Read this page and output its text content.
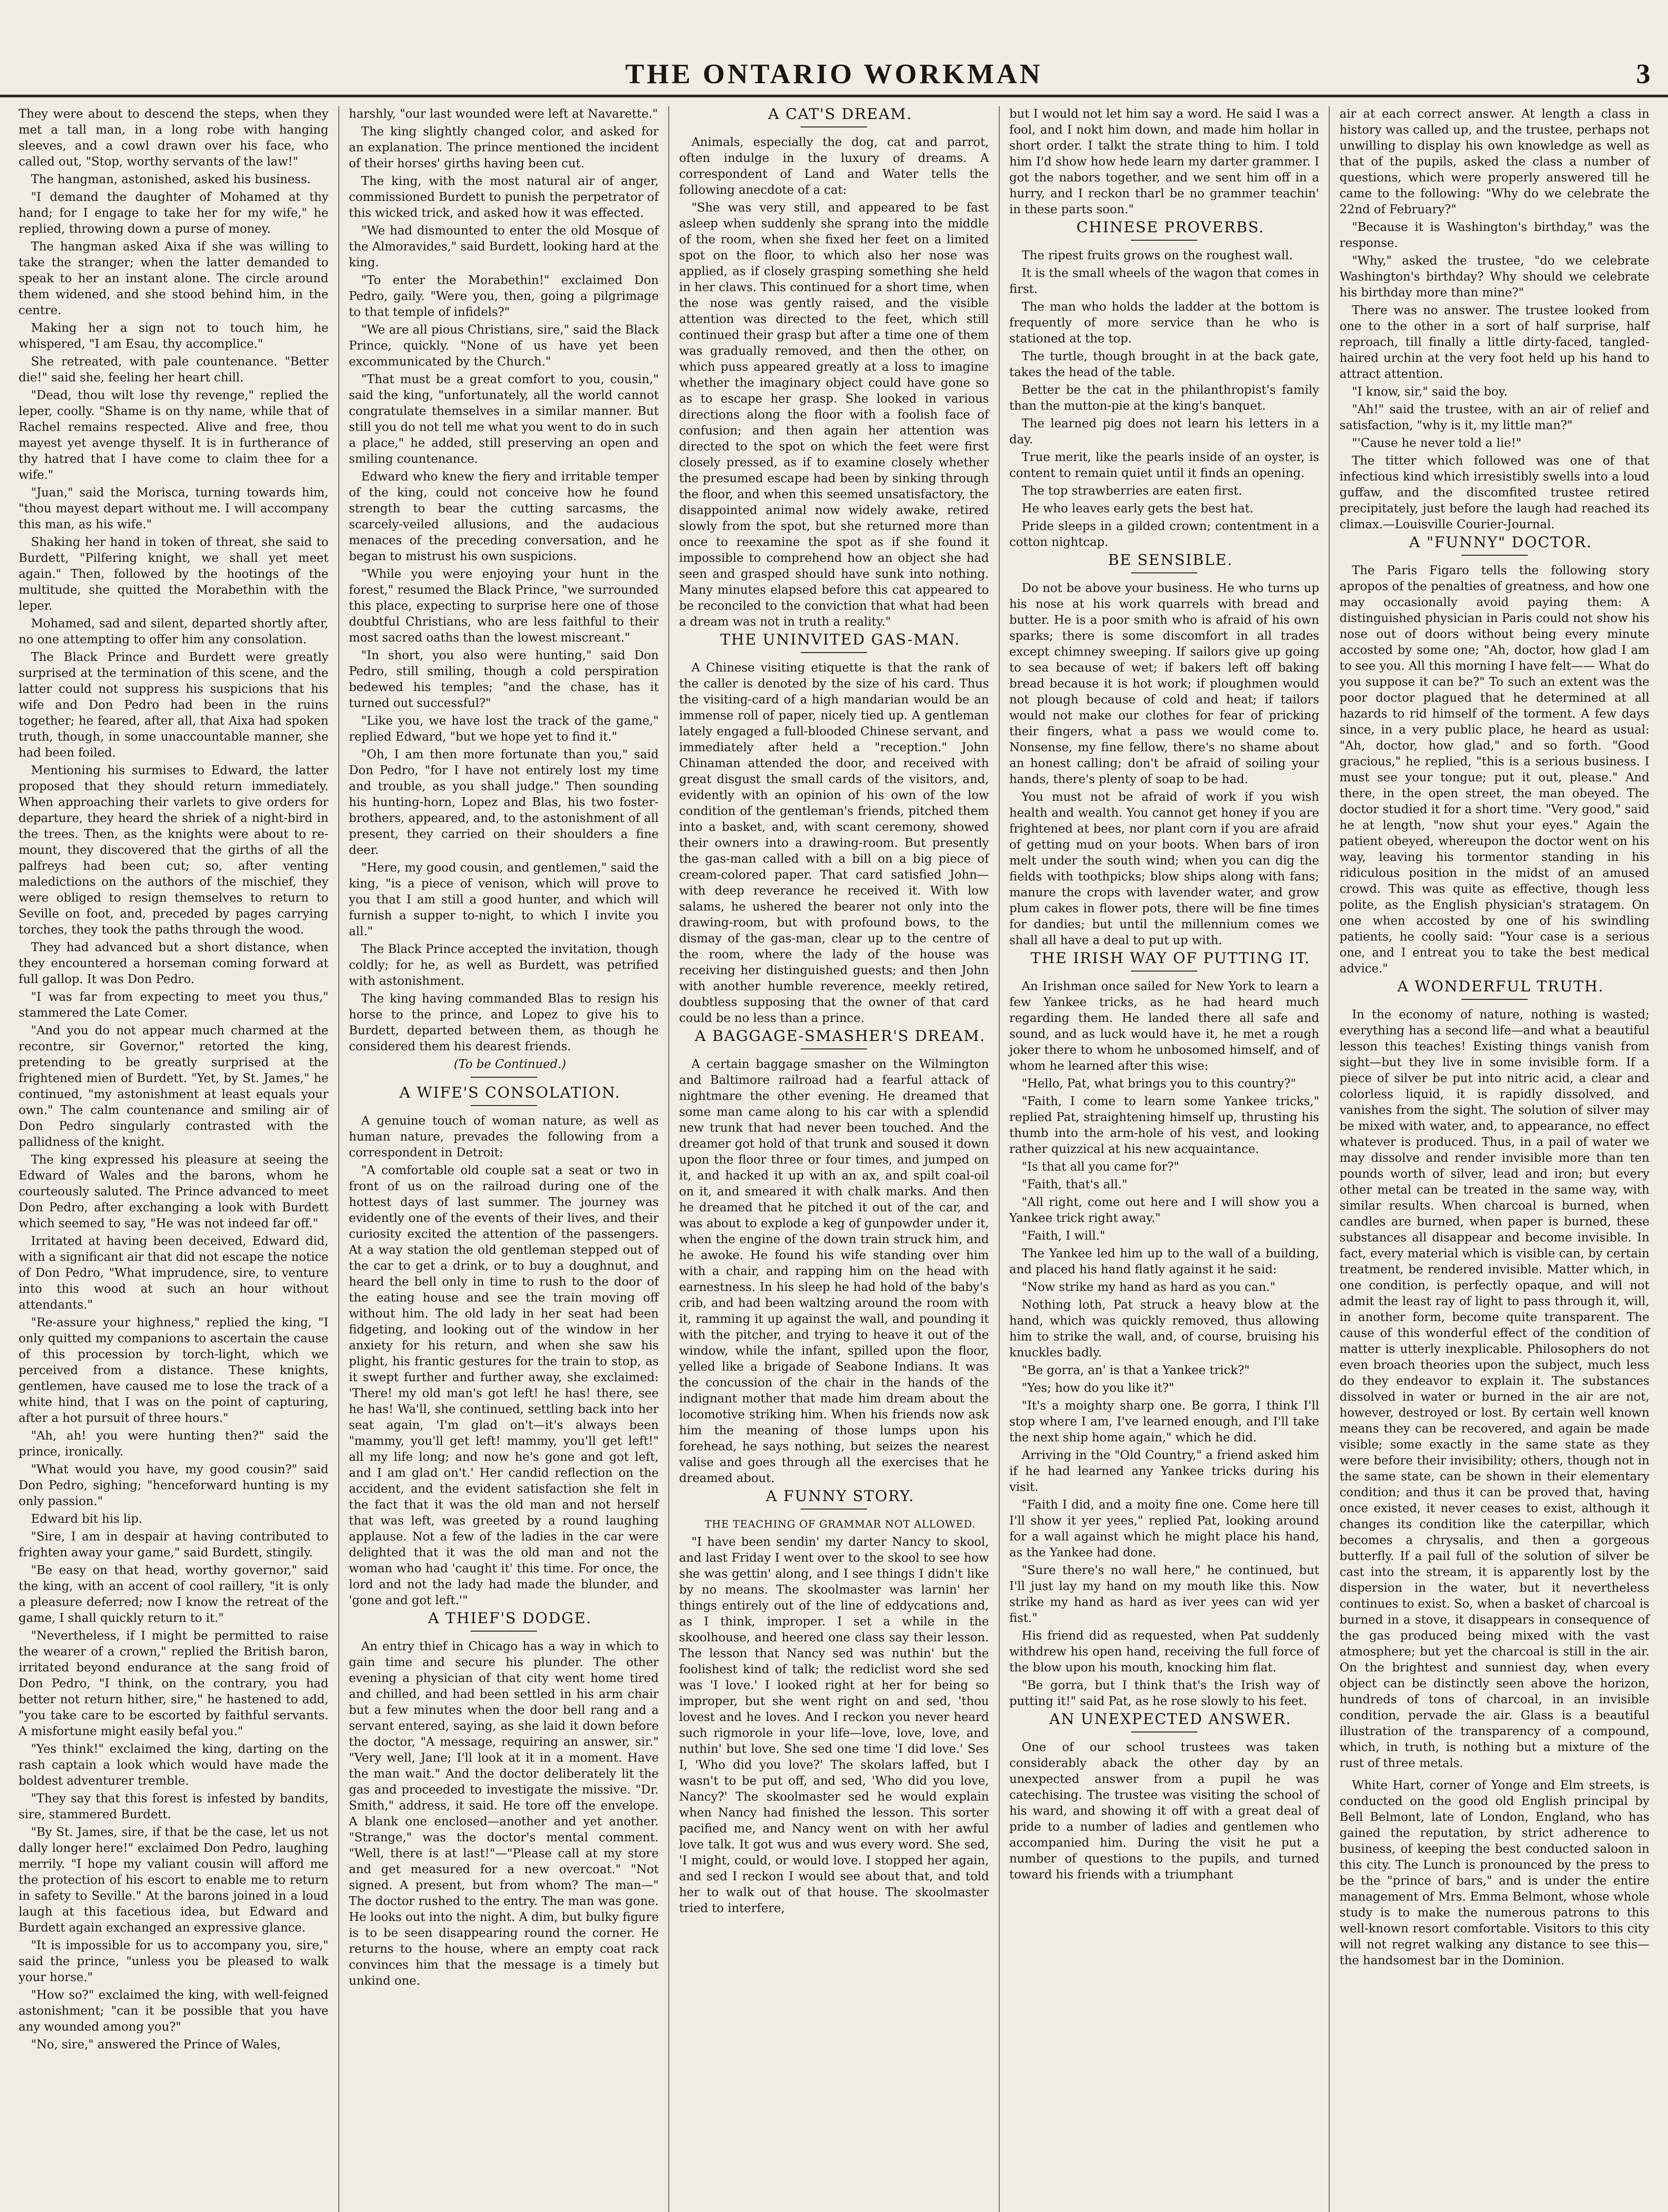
THE ONTARIO WORKMAN	3

They were about to descend the steps, when they met a tall man, in a long robe with hanging sleeves, and a cowl drawn over his face, who called out, "Stop, worthy servants of the law!"

The hangman, astonished, asked his business.

"I demand the daughter of Mohamed at thy hand; for I engage to take her for my wife," he replied, throwing down a purse of money.

The hangman asked Aixa if she was willing to take the stranger; when the latter demanded to speak to her an instant alone. The circle around them widened, and she stood behind him, in the centre.

Making her a sign not to touch him, he whispered, "I am Esau, thy accomplice."

She retreated, with pale countenance. "Better die!" said she, feeling her heart chill.

"Dead, thou wilt lose thy revenge," replied the leper, coolly. "Shame is on thy name, while that of Rachel remains respected. Alive and free, thou mayest yet avenge thyself. It is in furtherance of thy hatred that I have come to claim thee for a wife."

"Juan," said the Morisca, turning towards him, "thou mayest depart without me. I will accompany this man, as his wife."

Shaking her hand in token of threat, she said to Burdett, "Pilfering knight, we shall yet meet again." Then, followed by the hootings of the multitude, she quitted the Morabethin with the leper.

Mohamed, sad and silent, departed shortly after, no one attempting to offer him any consolation.

The Black Prince and Burdett were greatly surprised at the termination of this scene, and the latter could not suppress his suspicions that his wife and Don Pedro had been in the ruins together; he feared, after all, that Aixa had spoken truth, though, in some unaccountable manner, she had been foiled.

Mentioning his surmises to Edward, the latter proposed that they should return immediately. When approaching their varlets to give orders for departure, they heard the shriek of a night-bird in the trees. Then, as the knights were about to re-mount, they discovered that the girths of all the palfreys had been cut; so, after venting maledictions on the authors of the mischief, they were obliged to resign themselves to return to Seville on foot, and, preceded by pages carrying torches, they took the paths through the wood.

They had advanced but a short distance, when they encountered a horseman coming forward at full gallop. It was Don Pedro.

"I was far from expecting to meet you thus," stammered the Late Comer.

"And you do not appear much charmed at the recontre, sir Governor," retorted the king, pretending to be greatly surprised at the frightened mien of Burdett. "Yet, by St. James," he continued, "my astonishment at least equals your own." The calm countenance and smiling air of Don Pedro singularly contrasted with the pallidness of the knight.

The king expressed his pleasure at seeing the Edward of Wales and the barons, whom he courteously saluted. The Prince advanced to meet Don Pedro, after exchanging a look with Burdett which seemed to say, "He was not indeed far off."

Irritated at having been deceived, Edward did, with a significant air that did not escape the notice of Don Pedro, "What imprudence, sire, to venture into this wood at such an hour without attendants."

"Re-assure your highness," replied the king, "I only quitted my companions to ascertain the cause of this procession by torch-light, which we perceived from a distance. These knights, gentlemen, have caused me to lose the track of a white hind, that I was on the point of capturing, after a hot pursuit of three hours."

"Ah, ah! you were hunting then?" said the prince, ironically.

"What would you have, my good cousin?" said Don Pedro, sighing; "henceforward hunting is my only passion."

Edward bit his lip.

"Sire, I am in despair at having contributed to frighten away your game," said Burdett, stingily.

"Be easy on that head, worthy governor," said the king, with an accent of cool raillery, "it is only a pleasure deferred; now I know the retreat of the game, I shall quickly return to it."

"Nevertheless, if I might be permitted to raise the wearer of a crown," replied the British baron, irritated beyond endurance at the sang froid of Don Pedro, "I think, on the contrary, you had better not return hither, sire," he hastened to add, "you take care to be escorted by faithful servants. A misfortune might easily befal you."

"Yes think!" exclaimed the king, darting on the rash captain a look which would have made the boldest adventurer tremble.

"They say that this forest is infested by bandits, sire, stammered Burdett.

"By St. James, sire, if that be the case, let us not dally longer here!" exclaimed Don Pedro, laughing merrily. "I hope my valiant cousin will afford me the protection of his escort to enable me to return in safety to Seville." At the barons joined in a loud laugh at this facetious idea, but Edward and Burdett again exchanged an expressive glance.

"It is impossible for us to accompany you, sire," said the prince, "unless you be pleased to walk your horse."

"How so?" exclaimed the king, with well-feigned astonishment; "can it be possible that you have any wounded among you?"

"No, sire," answered the Prince of Wales,

harshly, "our last wounded were left at Navarette."

The king slightly changed color, and asked for an explanation. The prince mentioned the incident of their horses' girths having been cut.

The king, with the most natural air of anger, commissioned Burdett to punish the perpetrator of this wicked trick, and asked how it was effected.

"We had dismounted to enter the old Mosque of the Almoravides," said Burdett, looking hard at the king.

"To enter the Morabethin!" exclaimed Don Pedro, gaily. "Were you, then, going a pilgrimage to that temple of infidels?"

"We are all pious Christians, sire," said the Black Prince, quickly. "None of us have yet been excommunicated by the Church."

"That must be a great comfort to you, cousin," said the king, "unfortunately, all the world cannot congratulate themselves in a similar manner. But still you do not tell me what you went to do in such a place," he added, still preserving an open and smiling countenance.

Edward who knew the fiery and irritable temper of the king, could not conceive how he found strength to bear the cutting sarcasms, the scarcely-veiled allusions, and the audacious menaces of the preceding conversation, and he began to mistrust his own suspicions.

"While you were enjoying your hunt in the forest," resumed the Black Prince, "we surrounded this place, expecting to surprise here one of those doubtful Christians, who are less faithful to their most sacred oaths than the lowest miscreant."

"In short, you also were hunting," said Don Pedro, still smiling, though a cold perspiration bedewed his temples; "and the chase, has it turned out successful?"

"Like you, we have lost the track of the game," replied Edward, "but we hope yet to find it."

"Oh, I am then more fortunate than you," said Don Pedro, "for I have not entirely lost my time and trouble, as you shall judge." Then sounding his hunting-horn, Lopez and Blas, his two foster-brothers, appeared, and, to the astonishment of all present, they carried on their shoulders a fine deer.

"Here, my good cousin, and gentlemen," said the king, "is a piece of venison, which will prove to you that I am still a good hunter, and which will furnish a supper to-night, to which I invite you all."

The Black Prince accepted the invitation, though coldly; for he, as well as Burdett, was petrified with astonishment.

The king having commanded Blas to resign his horse to the prince, and Lopez to give his to Burdett, departed between them, as though he considered them his dearest friends.

(To be Continued.)

A WIFE'S CONSOLATION.

A genuine touch of woman nature, as well as human nature, prevades the following from a correspondent in Detroit:

"A comfortable old couple sat a seat or two in front of us on the railroad during one of the hottest days of last summer. The journey was evidently one of the events of their lives, and their curiosity excited the attention of the passengers. At a way station the old gentleman stepped out of the car to get a drink, or to buy a doughnut, and heard the bell only in time to rush to the door of the eating house and see the train moving off without him. The old lady in her seat had been fidgeting, and looking out of the window in her anxiety for his return, and when she saw his plight, his frantic gestures for the train to stop, as it swept further and further away, she exclaimed: 'There! my old man's got left! he has! there, see he has! Wa'll, she continued, settling back into her seat again, 'I'm glad on't—it's always been "mammy, you'll get left! mammy, you'll get left!" all my life long; and now he's gone and got left, and I am glad on't.' Her candid reflection on the accident, and the evident satisfaction she felt in the fact that it was the old man and not herself that was left, was greeted by a round laughing applause. Not a few of the ladies in the car were delighted that it was the old man and not the woman who had 'caught it' this time. For once, the lord and not the lady had made the blunder, and 'gone and got left.'"

A THIEF'S DODGE.

An entry thief in Chicago has a way in which to gain time and secure his plunder. The other evening a physician of that city went home tired and chilled, and had been settled in his arm chair but a few minutes when the door bell rang and a servant entered, saying, as she laid it down before the doctor, "A message, requiring an answer, sir." "Very well, Jane; I'll look at it in a moment. Have the man wait." And the doctor deliberately lit the gas and proceeded to investigate the missive. "Dr. Smith," address, it said. He tore off the envelope. A blank one enclosed—another and yet another. "Strange," was the doctor's mental comment. "Well, there is at last!"—"Please call at my store and get measured for a new overcoat." "Not signed. A present, but from whom? The man—" The doctor rushed to the entry. The man was gone. He looks out into the night. A dim, but bulky figure is to be seen disappearing round the corner. He returns to the house, where an empty coat rack convinces him that the message is a timely but unkind one.

A CAT'S DREAM.

Animals, especially the dog, cat and parrot, often indulge in the luxury of dreams. A correspondent of Land and Water tells the following anecdote of a cat:

"She was very still, and appeared to be fast asleep when suddenly she sprang into the middle of the room, when she fixed her feet on a limited spot on the floor, to which also her nose was applied, as if closely grasping something she held in her claws. This continued for a short time, when the nose was gently raised, and the visible attention was directed to the feet, which still continued their grasp but after a time one of them was gradually removed, and then the other, on which puss appeared greatly at a loss to imagine whether the imaginary object could have gone so as to escape her grasp. She looked in various directions along the floor with a foolish face of confusion; and then again her attention was directed to the spot on which the feet were first closely pressed, as if to examine closely whether the presumed escape had been by sinking through the floor, and when this seemed unsatisfactory, the disappointed animal now widely awake, retired slowly from the spot, but she returned more than once to reexamine the spot as if she found it impossible to comprehend how an object she had seen and grasped should have sunk into nothing. Many minutes elapsed before this cat appeared to be reconciled to the conviction that what had been a dream was not in truth a reality."

THE UNINVITED GAS-MAN.

A Chinese visiting etiquette is that the rank of the caller is denoted by the size of his card. Thus the visiting-card of a high mandarian would be an immense roll of paper, nicely tied up. A gentleman lately engaged a full-blooded Chinese servant, and immediately after held a "reception." John Chinaman attended the door, and received with great disgust the small cards of the visitors, and, evidently with an opinion of his own of the low condition of the gentleman's friends, pitched them into a basket, and, with scant ceremony, showed their owners into a drawing-room. But presently the gas-man called with a bill on a big piece of cream-colored paper. That card satisfied John—with deep reverance he received it. With low salams, he ushered the bearer not only into the drawing-room, but with profound bows, to the dismay of the gas-man, clear up to the centre of the room, where the lady of the house was receiving her distinguished guests; and then John with another humble reverence, meekly retired, doubtless supposing that the owner of that card could be no less than a prince.

A BAGGAGE-SMASHER'S DREAM.

A certain baggage smasher on the Wilmington and Baltimore railroad had a fearful attack of nightmare the other evening. He dreamed that some man came along to his car with a splendid new trunk that had never been touched. And the dreamer got hold of that trunk and soused it down upon the floor three or four times, and jumped on it, and hacked it up with an ax, and spilt coal-oil on it, and smeared it with chalk marks. And then he dreamed that he pitched it out of the car, and was about to explode a keg of gunpowder under it, when the engine of the down train struck him, and he awoke. He found his wife standing over him with a chair, and rapping him on the head with earnestness. In his sleep he had hold of the baby's crib, and had been waltzing around the room with it, ramming it up against the wall, and pounding it with the pitcher, and trying to heave it out of the window, while the infant, spilled upon the floor, yelled like a brigade of Seabone Indians. It was the concussion of the chair in the hands of the indignant mother that made him dream about the locomotive striking him. When his friends now ask him the meaning of those lumps upon his forehead, he says nothing, but seizes the nearest valise and goes through all the exercises that he dreamed about.

A FUNNY STORY.

THE TEACHING OF GRAMMAR NOT ALLOWED.

"I have been sendin' my darter Nancy to skool, and last Friday I went over to the skool to see how she was gettin' along, and I see things I didn't like by no means. The skoolmaster was larnin' her things entirely out of the line of eddycations and, as I think, improper. I set a while in the skoolhouse, and heered one class say their lesson. The lesson that Nancy sed was nuthin' but the foolishest kind of talk; the rediclist word she sed was 'I love.' I looked right at her for being so improper, but she went right on and sed, 'thou lovest and he loves. And I reckon you never heard such rigmorole in your life—love, love, love, and nuthin' but love. She sed one time 'I did love.' Ses I, 'Who did you love?' The skolars laffed, but I wasn't to be put off, and sed, 'Who did you love, Nancy?' The skoolmaster sed he would explain when Nancy had finished the lesson. This sorter pacified me, and Nancy went on with her awful love talk. It got wus and wus every word. She sed, 'I might, could, or would love. I stopped her again, and sed I reckon I would see about that, and told her to walk out of that house. The skoolmaster tried to interfere,

but I would not let him say a word. He said I was a fool, and I nokt him down, and made him hollar in short order. I talkt the strate thing to him. I told him I'd show how hede learn my darter grammer. I got the nabors together, and we sent him off in a hurry, and I reckon tharl be no grammer teachin' in these parts soon."

CHINESE PROVERBS.

The ripest fruits grows on the roughest wall.

It is the small wheels of the wagon that comes in first.

The man who holds the ladder at the bottom is frequently of more service than he who is stationed at the top.

The turtle, though brought in at the back gate, takes the head of the table.

Better be the cat in the philanthropist's family than the mutton-pie at the king's banquet.

The learned pig does not learn his letters in a day.

True merit, like the pearls inside of an oyster, is content to remain quiet until it finds an opening.

The top strawberries are eaten first.

He who leaves early gets the best hat.

Pride sleeps in a gilded crown; contentment in a cotton nightcap.

BE SENSIBLE.

Do not be above your business. He who turns up his nose at his work quarrels with bread and butter. He is a poor smith who is afraid of his own sparks; there is some discomfort in all trades except chimney sweeping. If sailors give up going to sea because of wet; if bakers left off baking bread because it is hot work; if ploughmen would not plough because of cold and heat; if tailors would not make our clothes for fear of pricking their fingers, what a pass we would come to. Nonsense, my fine fellow, there's no shame about an honest calling; don't be afraid of soiling your hands, there's plenty of soap to be had.

You must not be afraid of work if you wish health and wealth. You cannot get honey if you are frightened at bees, nor plant corn if you are afraid of getting mud on your boots. When bars of iron melt under the south wind; when you can dig the fields with toothpicks; blow ships along with fans; manure the crops with lavender water, and grow plum cakes in flower pots, there will be fine times for dandies; but until the millennium comes we shall all have a deal to put up with.

THE IRISH WAY OF PUTTING IT.

An Irishman once sailed for New York to learn a few Yankee tricks, as he had heard much regarding them. He landed there all safe and sound, and as luck would have it, he met a rough joker there to whom he unbosomed himself, and of whom he learned after this wise:

"Hello, Pat, what brings you to this country?"

"Faith, I come to learn some Yankee tricks," replied Pat, straightening himself up, thrusting his thumb into the arm-hole of his vest, and looking rather quizzical at his new acquaintance.

"Is that all you came for?"

"Faith, that's all."

"All right, come out here and I will show you a Yankee trick right away."

"Faith, I will."

The Yankee led him up to the wall of a building, and placed his hand flatly against it he said:

"Now strike my hand as hard as you can."

Nothing loth, Pat struck a heavy blow at the hand, which was quickly removed, thus allowing him to strike the wall, and, of course, bruising his knuckles badly.

"Be gorra, an' is that a Yankee trick?"

"Yes; how do you like it?"

"It's a moighty sharp one. Be gorra, I think I'll stop where I am, I've learned enough, and I'll take the next ship home again," which he did.

Arriving in the "Old Country," a friend asked him if he had learned any Yankee tricks during his visit.

"Faith I did, and a moity fine one. Come here till I'll show it yer yees," replied Pat, looking around for a wall against which he might place his hand, as the Yankee had done.

"Sure there's no wall here," he continued, but I'll just lay my hand on my mouth like this. Now strike my hand as hard as iver yees can wid yer fist."

His friend did as requested, when Pat suddenly withdrew his open hand, receiving the full force of the blow upon his mouth, knocking him flat.

"Be gorra, but I think that's the Irish way of putting it!" said Pat, as he rose slowly to his feet.

AN UNEXPECTED ANSWER.

One of our school trustees was taken considerably aback the other day by an unexpected answer from a pupil he was catechising. The trustee was visiting the school of his ward, and showing it off with a great deal of pride to a number of ladies and gentlemen who accompanied him. During the visit he put a number of questions to the pupils, and turned toward his friends with a triumphant

air at each correct answer. At length a class in history was called up, and the trustee, perhaps not unwilling to display his own knowledge as well as that of the pupils, asked the class a number of questions, which were properly answered till he came to the following: "Why do we celebrate the 22nd of February?"

"Because it is Washington's birthday," was the response.

"Why," asked the trustee, "do we celebrate Washington's birthday? Why should we celebrate his birthday more than mine?"

There was no answer. The trustee looked from one to the other in a sort of half surprise, half reproach, till finally a little dirty-faced, tangled-haired urchin at the very foot held up his hand to attract attention.

"I know, sir," said the boy.

"Ah!" said the trustee, with an air of relief and satisfaction, "why is it, my little man?"

"'Cause he never told a lie!"

The titter which followed was one of that infectious kind which irresistibly swells into a loud guffaw, and the discomfited trustee retired precipitately, just before the laugh had reached its climax.—Louisville Courier-Journal.

A "FUNNY" DOCTOR.

The Paris Figaro tells the following story apropos of the penalties of greatness, and how one may occasionally avoid paying them: A distinguished physician in Paris could not show his nose out of doors without being every minute accosted by some one; "Ah, doctor, how glad I am to see you. All this morning I have felt—— What do you suppose it can be?" To such an extent was the poor doctor plagued that he determined at all hazards to rid himself of the torment. A few days since, in a very public place, he heard as usual: "Ah, doctor, how glad," and so forth. "Good gracious," he replied, "this is a serious business. I must see your tongue; put it out, please." And there, in the open street, the man obeyed. The doctor studied it for a short time. "Very good," said he at length, "now shut your eyes." Again the patient obeyed, whereupon the doctor went on his way, leaving his tormentor standing in his ridiculous position in the midst of an amused crowd. This was quite as effective, though less polite, as the English physician's stratagem. On one when accosted by one of his swindling patients, he coolly said: "Your case is a serious one, and I entreat you to take the best medical advice."

A WONDERFUL TRUTH.

In the economy of nature, nothing is wasted; everything has a second life—and what a beautiful lesson this teaches! Existing things vanish from sight—but they live in some invisible form. If a piece of silver be put into nitric acid, a clear and colorless liquid, it is rapidly dissolved, and vanishes from the sight. The solution of silver may be mixed with water, and, to appearance, no effect whatever is produced. Thus, in a pail of water we may dissolve and render invisible more than ten pounds worth of silver, lead and iron; but every other metal can be treated in the same way, with similar results. When charcoal is burned, when candles are burned, when paper is burned, these substances all disappear and become invisible. In fact, every material which is visible can, by certain treatment, be rendered invisible. Matter which, in one condition, is perfectly opaque, and will not admit the least ray of light to pass through it, will, in another form, become quite transparent. The cause of this wonderful effect of the condition of matter is utterly inexplicable. Philosophers do not even broach theories upon the subject, much less do they endeavor to explain it. The substances dissolved in water or burned in the air are not, however, destroyed or lost. By certain well known means they can be recovered, and again be made visible; some exactly in the same state as they were before their invisibility; others, though not in the same state, can be shown in their elementary condition; and thus it can be proved that, having once existed, it never ceases to exist, although it changes its condition like the caterpillar, which becomes a chrysalis, and then a gorgeous butterfly. If a pail full of the solution of silver be cast into the stream, it is apparently lost by the dispersion in the water, but it nevertheless continues to exist. So, when a basket of charcoal is burned in a stove, it disappears in consequence of the gas produced being mixed with the vast atmosphere; but yet the charcoal is still in the air. On the brightest and sunniest day, when every object can be distinctly seen above the horizon, hundreds of tons of charcoal, in an invisible condition, pervade the air. Glass is a beautiful illustration of the transparency of a compound, which, in truth, is nothing but a mixture of the rust of three metals.

White Hart, corner of Yonge and Elm streets, is conducted on the good old English principal by Bell Belmont, late of London, England, who has gained the reputation, by strict adherence to business, of keeping the best conducted saloon in this city. The Lunch is pronounced by the press to be the "prince of bars," and is under the entire management of Mrs. Emma Belmont, whose whole study is to make the numerous patrons to this well-known resort comfortable. Visitors to this city will not regret walking any distance to see this—the handsomest bar in the Dominion.
